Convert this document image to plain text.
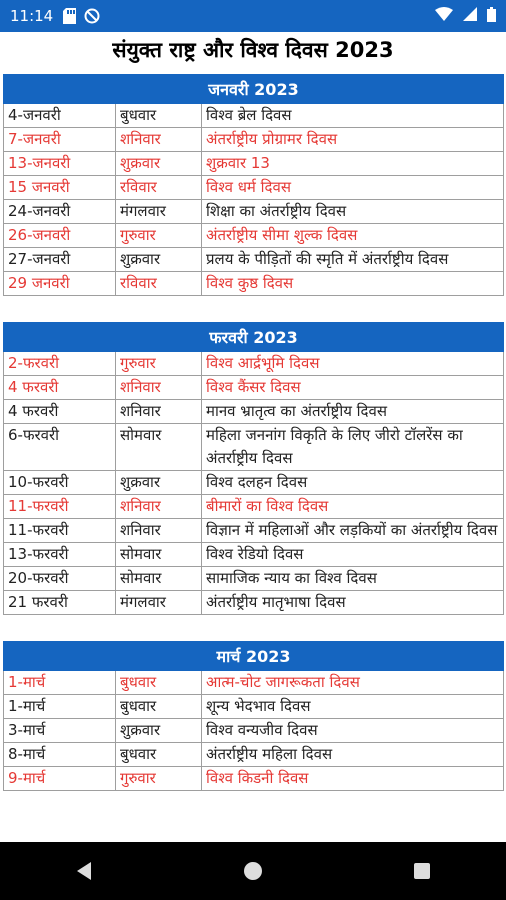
11:14
संयुक्त राष्ट्र और विश्व दिवस 2023
जनवरी 2023		
4-जनवरी	बुधवार	विश्व ब्रेल दिवस
7-जनवरी	शनिवार	अंतर्राष्ट्रीय प्रोग्रामर दिवस
13-जनवरी	शुक्रवार	शुक्रवार 13
15 जनवरी	रविवार	विश्व धर्म दिवस
24-जनवरी	मंगलवार	शिक्षा का अंतर्राष्ट्रीय दिवस
26-जनवरी	गुरुवार	अंतर्राष्ट्रीय सीमा शुल्क दिवस
27-जनवरी	शुक्रवार	प्रलय के पीड़ितों की स्मृति में अंतर्राष्ट्रीय दिवस
29 जनवरी	रविवार	विश्व कुष्ठ दिवस
फरवरी 2023		
2-फरवरी	गुरुवार	विश्व आर्द्रभूमि दिवस
4 फरवरी	शनिवार	विश्व कैंसर दिवस
4 फरवरी	शनिवार	मानव भ्रातृत्व का अंतर्राष्ट्रीय दिवस
6-फरवरी	सोमवार	महिला जननांग विकृति के लिए जीरो टॉलरेंस का अंतर्राष्ट्रीय दिवस
10-फरवरी	शुक्रवार	विश्व दलहन दिवस
11-फरवरी	शनिवार	बीमारों का विश्व दिवस
11-फरवरी	शनिवार	विज्ञान में महिलाओं और लड़कियों का अंतर्राष्ट्रीय दिवस
13-फरवरी	सोमवार	विश्व रेडियो दिवस
20-फरवरी	सोमवार	सामाजिक न्याय का विश्व दिवस
21 फरवरी	मंगलवार	अंतर्राष्ट्रीय मातृभाषा दिवस
मार्च 2023		
1-मार्च	बुधवार	आत्म-चोट जागरूकता दिवस
1-मार्च	बुधवार	शून्य भेदभाव दिवस
3-मार्च	शुक्रवार	विश्व वन्यजीव दिवस
8-मार्च	बुधवार	अंतर्राष्ट्रीय महिला दिवस
9-मार्च	गुरुवार	विश्व किडनी दिवस
